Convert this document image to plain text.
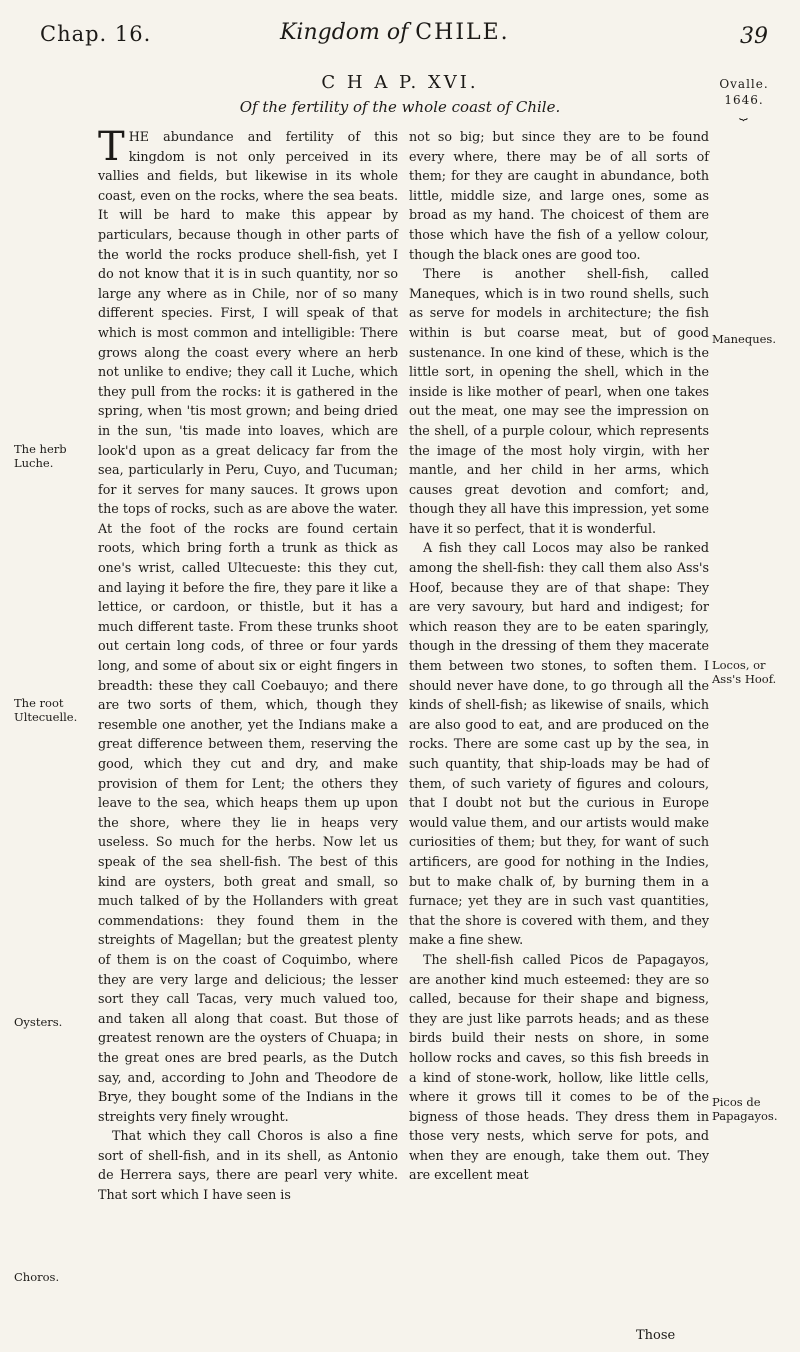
Chap. 16.	Kingdom of CHILE.	39
Ovalle.
1646.
⏟
C H A P. XVI.
Of the fertility of the whole coast of Chile.
The herb Luche.
The root Ultecuelle.
Oysters.
Choros.
Maneques.
Locos, or Ass's Hoof.
Picos de Papagayos.

THE abundance and fertility of this kingdom is not only perceived in its vallies and fields, but likewise in its whole coast, even on the rocks, where the sea beats. It will be hard to make this appear by particulars, because though in other parts of the world the rocks produce shell-fish, yet I do not know that it is in such quantity, nor so large any where as in Chile, nor of so many different species. First, I will speak of that which is most common and intelligible: There grows along the coast every where an herb not unlike to endive; they call it Luche, which they pull from the rocks: it is gathered in the spring, when 'tis most grown; and being dried in the sun, 'tis made into loaves, which are look'd upon as a great delicacy far from the sea, particularly in Peru, Cuyo, and Tucuman; for it serves for many sauces. It grows upon the tops of rocks, such as are above the water. At the foot of the rocks are found certain roots, which bring forth a trunk as thick as one's wrist, called Ultecueste: this they cut, and laying it before the fire, they pare it like a lettice, or cardoon, or thistle, but it has a much different taste. From these trunks shoot out certain long cods, of three or four yards long, and some of about six or eight fingers in breadth: these they call Coebauyo; and there are two sorts of them, which, though they resemble one another, yet the Indians make a great difference between them, reserving the good, which they cut and dry, and make provision of them for Lent; the others they leave to the sea, which heaps them up upon the shore, where they lie in heaps very useless. So much for the herbs. Now let us speak of the sea shell-fish. The best of this kind are oysters, both great and small, so much talked of by the Hollanders with great commendations: they found them in the streights of Magellan; but the greatest plenty of them is on the coast of Coquimbo, where they are very large and delicious; the lesser sort they call Tacas, very much valued too, and taken all along that coast. But those of greatest renown are the oysters of Chuapa; in the great ones are bred pearls, as the Dutch say, and, according to John and Theodore de Brye, they bought some of the Indians in the streights very finely wrought.

That which they call Choros is also a fine sort of shell-fish, and in its shell, as Antonio de Herrera says, there are pearl very white. That sort which I have seen is

not so big; but since they are to be found every where, there may be of all sorts of them; for they are caught in abundance, both little, middle size, and large ones, some as broad as my hand. The choicest of them are those which have the fish of a yellow colour, though the black ones are good too.

There is another shell-fish, called Maneques, which is in two round shells, such as serve for models in architecture; the fish within is but coarse meat, but of good sustenance. In one kind of these, which is the little sort, in opening the shell, which in the inside is like mother of pearl, when one takes out the meat, one may see the impression on the shell, of a purple colour, which represents the image of the most holy virgin, with her mantle, and her child in her arms, which causes great devotion and comfort; and, though they all have this impression, yet some have it so perfect, that it is wonderful.

A fish they call Locos may also be ranked among the shell-fish: they call them also Ass's Hoof, because they are of that shape: They are very savoury, but hard and indigest; for which reason they are to be eaten sparingly, though in the dressing of them they macerate them between two stones, to soften them. I should never have done, to go through all the kinds of shell-fish; as likewise of snails, which are also good to eat, and are produced on the rocks. There are some cast up by the sea, in such quantity, that ship-loads may be had of them, of such variety of figures and colours, that I doubt not but the curious in Europe would value them, and our artists would make curiosities of them; but they, for want of such artificers, are good for nothing in the Indies, but to make chalk of, by burning them in a furnace; yet they are in such vast quantities, that the shore is covered with them, and they make a fine shew.

The shell-fish called Picos de Papagayos, are another kind much esteemed: they are so called, because for their shape and bigness, they are just like parrots heads; and as these birds build their nests on shore, in some hollow rocks and caves, so this fish breeds in a kind of stone-work, hollow, like little cells, where it grows till it comes to be of the bigness of those heads. They dress them in those very nests, which serve for pots, and when they are enough, take them out. They are excellent meat

Those
